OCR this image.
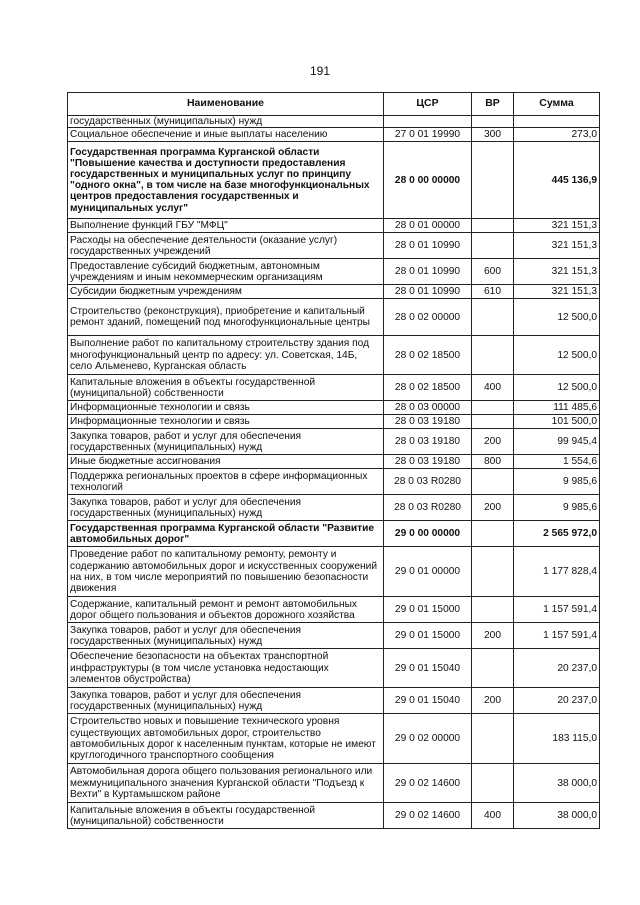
191
Наименование	ЦСР	ВР	Сумма
государственных (муниципальных) нужд			
Социальное обеспечение и иные выплаты населению	27 0 01 19990	300	273,0
Государственная программа Курганской области "Повышение качества и доступности предоставления государственных и муниципальных услуг по принципу "одного окна", в том числе на базе многофункциональных центров предоставления государственных и муниципальных услуг"	28 0 00 00000		445 136,9
Выполнение функций ГБУ "МФЦ"	28 0 01 00000		321 151,3
Расходы на обеспечение деятельности (оказание услуг) государственных учреждений	28 0 01 10990		321 151,3
Предоставление субсидий бюджетным, автономным учреждениям и иным некоммерческим организациям	28 0 01 10990	600	321 151,3
Субсидии бюджетным учреждениям	28 0 01 10990	610	321 151,3
Строительство (реконструкция), приобретение и капитальный ремонт зданий, помещений под многофункциональные центры	28 0 02 00000		12 500,0
Выполнение работ по капитальному строительству здания под многофункциональный центр по адресу: ул. Советская, 14Б, село Альменево, Курганская область	28 0 02 18500		12 500,0
Капитальные вложения в объекты государственной (муниципальной) собственности	28 0 02 18500	400	12 500,0
Информационные технологии и связь	28 0 03 00000		111 485,6
Информационные технологии и связь	28 0 03 19180		101 500,0
Закупка товаров, работ и услуг для обеспечения государственных (муниципальных) нужд	28 0 03 19180	200	99 945,4
Иные бюджетные ассигнования	28 0 03 19180	800	1 554,6
Поддержка региональных проектов в сфере информационных технологий	28 0 03 R0280		9 985,6
Закупка товаров, работ и услуг для обеспечения государственных (муниципальных) нужд	28 0 03 R0280	200	9 985,6
Государственная программа Курганской области "Развитие автомобильных дорог"	29 0 00 00000		2 565 972,0
Проведение работ по капитальному ремонту, ремонту и содержанию автомобильных дорог и искусственных сооружений на них, в том числе мероприятий по повышению безопасности движения	29 0 01 00000		1 177 828,4
Содержание, капитальный ремонт и ремонт автомобильных дорог общего пользования и объектов дорожного хозяйства	29 0 01 15000		1 157 591,4
Закупка товаров, работ и услуг для обеспечения государственных (муниципальных) нужд	29 0 01 15000	200	1 157 591,4
Обеспечение безопасности на объектах транспортной инфраструктуры (в том числе установка недостающих элементов обустройства)	29 0 01 15040		20 237,0
Закупка товаров, работ и услуг для обеспечения государственных (муниципальных) нужд	29 0 01 15040	200	20 237,0
Строительство новых и повышение технического уровня существующих автомобильных дорог, строительство автомобильных дорог к населенным пунктам, которые не имеют круглогодичного транспортного сообщения	29 0 02 00000		183 115,0
Автомобильная дорога общего пользования регионального или межмуниципального значения Курганской области "Подъезд к Вехти" в Куртамышском районе	29 0 02 14600		38 000,0
Капитальные вложения в объекты государственной (муниципальной) собственности	29 0 02 14600	400	38 000,0
